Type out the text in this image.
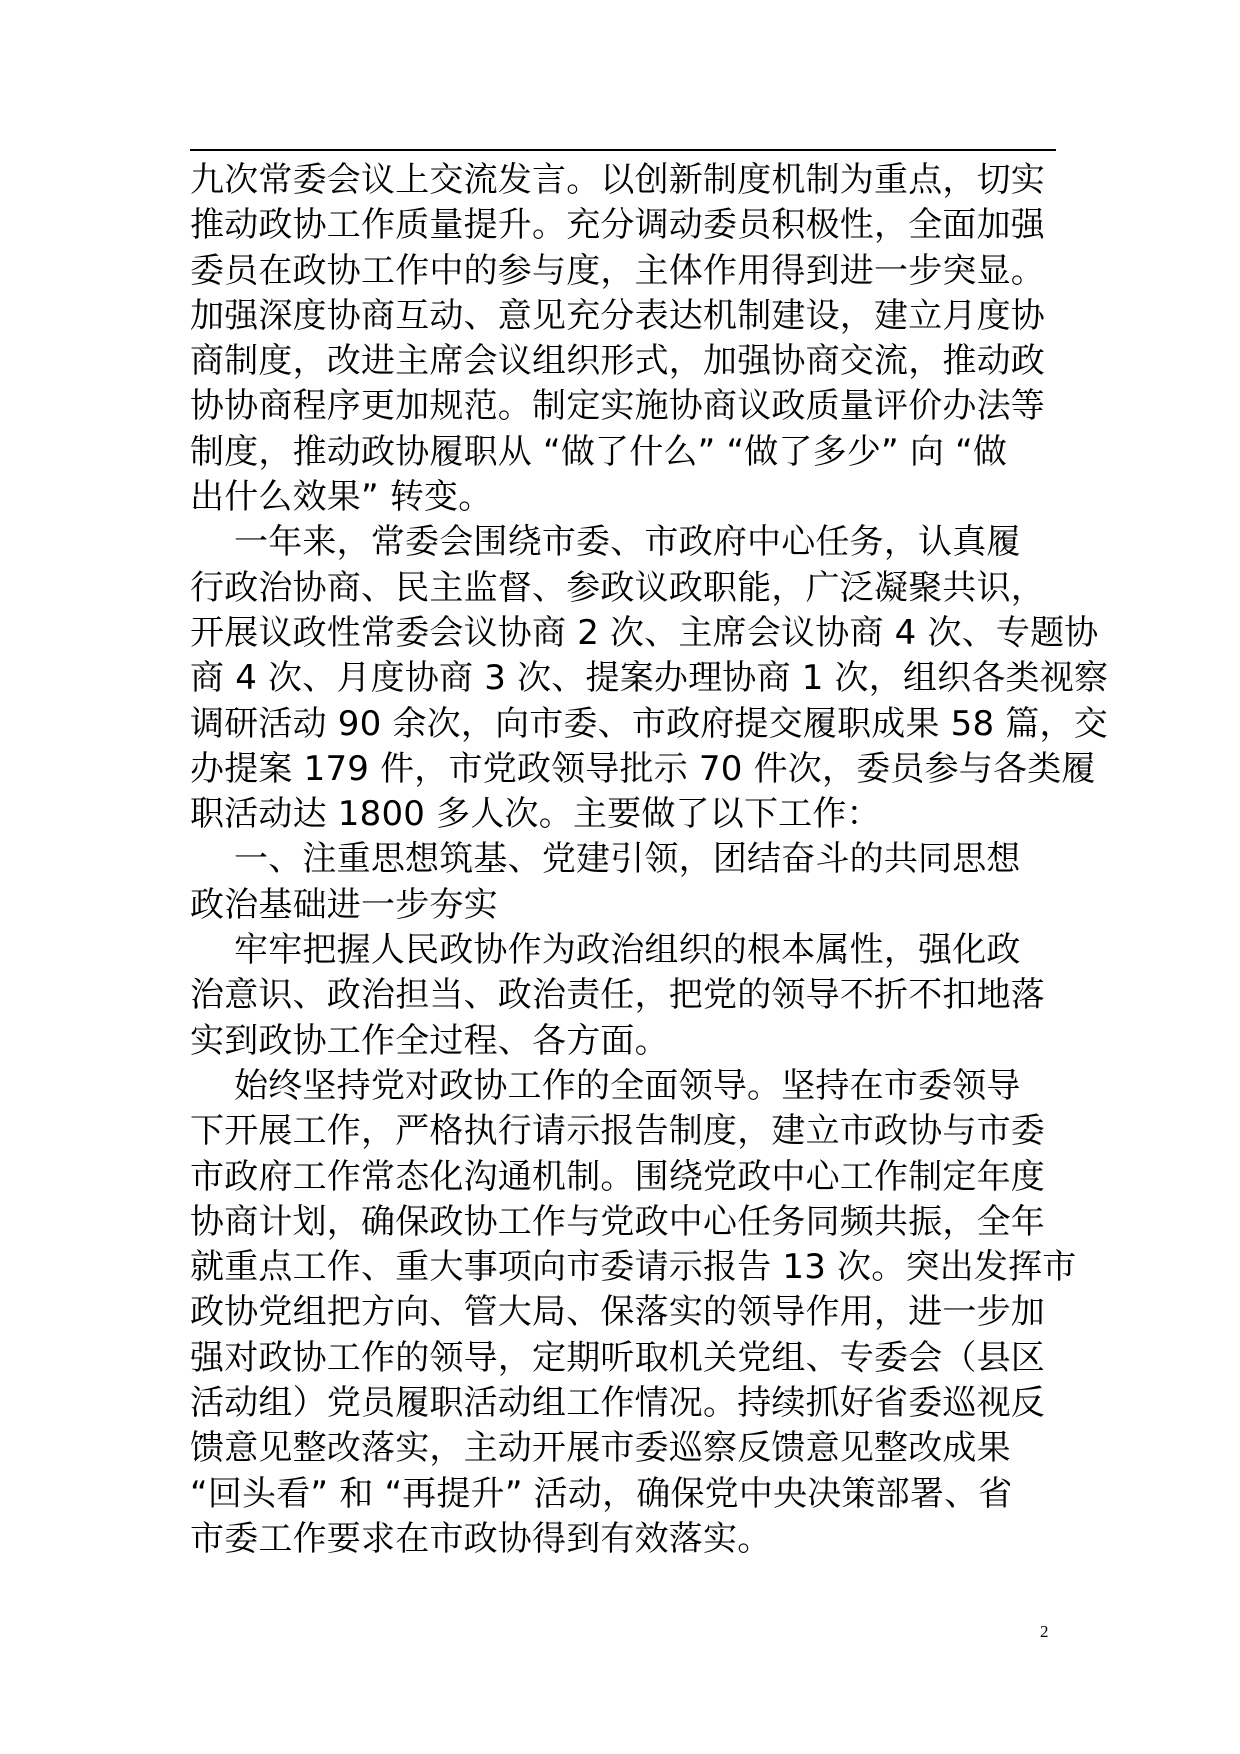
九次常委会议上交流发言。以创新制度机制为重点，切实
推动政协工作质量提升。充分调动委员积极性，全面加强
委员在政协工作中的参与度，主体作用得到进一步突显。
加强深度协商互动、意见充分表达机制建设，建立月度协
商制度，改进主席会议组织形式，加强协商交流，推动政
协协商程序更加规范。制定实施协商议政质量评价办法等
制度，推动政协履职从 “做了什么” “做了多少” 向 “做
出什么效果” 转变。
一年来，常委会围绕市委、市政府中心任务，认真履
行政治协商、民主监督、参政议政职能，广泛凝聚共识，
开展议政性常委会议协商 2 次、主席会议协商 4 次、专题协
商 4 次、月度协商 3 次、提案办理协商 1 次，组织各类视察
调研活动 90 余次，向市委、市政府提交履职成果 58 篇，交
办提案 179 件，市党政领导批示 70 件次，委员参与各类履
职活动达 1800 多人次。主要做了以下工作：
一、注重思想筑基、党建引领，团结奋斗的共同思想
政治基础进一步夯实
牢牢把握人民政协作为政治组织的根本属性，强化政
治意识、政治担当、政治责任，把党的领导不折不扣地落
实到政协工作全过程、各方面。
始终坚持党对政协工作的全面领导。坚持在市委领导
下开展工作，严格执行请示报告制度，建立市政协与市委
市政府工作常态化沟通机制。围绕党政中心工作制定年度
协商计划，确保政协工作与党政中心任务同频共振，全年
就重点工作、重大事项向市委请示报告 13 次。突出发挥市
政协党组把方向、管大局、保落实的领导作用，进一步加
强对政协工作的领导，定期听取机关党组、专委会（县区
活动组）党员履职活动组工作情况。持续抓好省委巡视反
馈意见整改落实，主动开展市委巡察反馈意见整改成果
“回头看” 和 “再提升” 活动，确保党中央决策部署、省
市委工作要求在市政协得到有效落实。
2
